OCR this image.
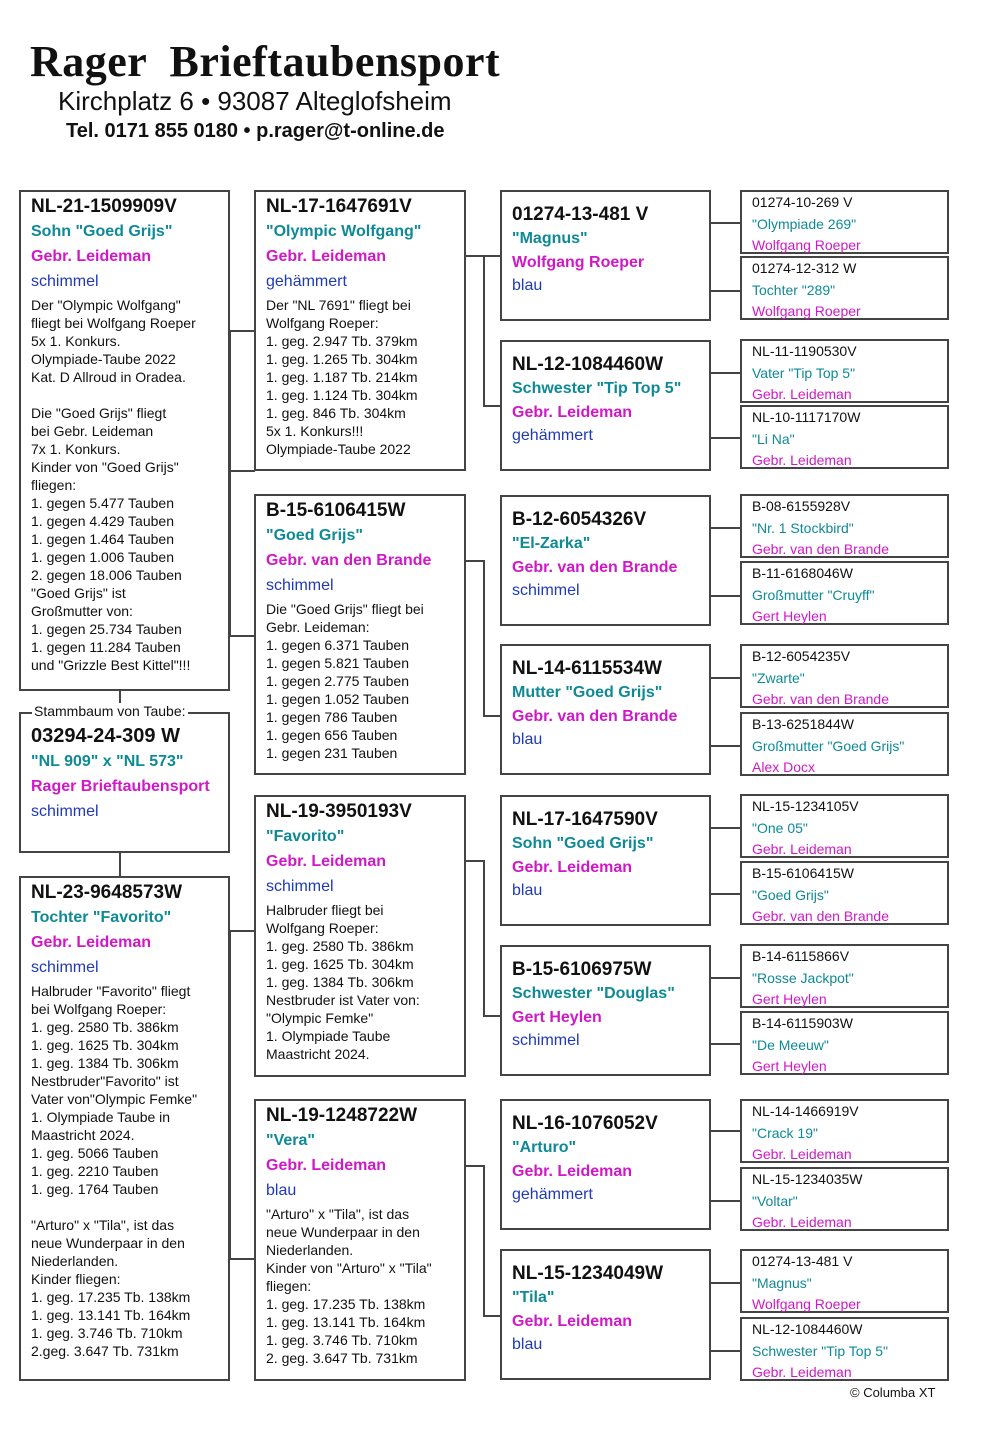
Rager  Brieftaubensport
Kirchplatz 6 • 93087 Alteglofsheim
Tel. 0171 855 0180 • p.rager@t-online.de
NL-21-1509909V
Sohn "Goed Grijs"
Gebr. Leideman
schimmel
Der "Olympic Wolfgang"
fliegt bei Wolfgang Roeper
5x 1. Konkurs.
Olympiade-Taube 2022
Kat. D Allroud in Oradea.

Die "Goed Grijs" fliegt
bei Gebr. Leideman
7x 1. Konkurs.
Kinder von "Goed Grijs"
fliegen:
1. gegen 5.477 Tauben
1. gegen 4.429 Tauben
1. gegen 1.464 Tauben
1. gegen 1.006 Tauben
2. gegen 18.006 Tauben
"Goed Grijs" ist
Großmutter von:
1. gegen 25.734 Tauben
1. gegen 11.284 Tauben
und "Grizzle Best Kittel"!!!
03294-24-309 W
"NL 909" x "NL 573"
Rager Brieftaubensport
schimmel
Stammbaum von Taube:
NL-23-9648573W
Tochter "Favorito"
Gebr. Leideman
schimmel
Halbruder "Favorito" fliegt
bei Wolfgang Roeper:
1. geg. 2580 Tb. 386km
1. geg. 1625 Tb. 304km
1. geg. 1384 Tb. 306km
Nestbruder"Favorito" ist
Vater von"Olympic Femke"
1. Olympiade Taube in
Maastricht 2024.
1. geg. 5066 Tauben
1. geg. 2210 Tauben
1. geg. 1764 Tauben

"Arturo" x "Tila", ist das
neue Wunderpaar in den
Niederlanden.
Kinder fliegen:
1. geg. 17.235 Tb. 138km
1. geg. 13.141 Tb. 164km
1. geg. 3.746 Tb. 710km
2.geg. 3.647 Tb. 731km
NL-17-1647691V
"Olympic Wolfgang"
Gebr. Leideman
gehämmert
Der "NL 7691" fliegt bei
Wolfgang Roeper:
1. geg. 2.947 Tb. 379km
1. geg. 1.265 Tb. 304km
1. geg. 1.187 Tb. 214km
1. geg. 1.124 Tb. 304km
1. geg. 846 Tb. 304km
5x 1. Konkurs!!!
Olympiade-Taube 2022
B-15-6106415W
"Goed Grijs"
Gebr. van den Brande
schimmel
Die "Goed Grijs" fliegt bei
Gebr. Leideman:
1. gegen 6.371 Tauben
1. gegen 5.821 Tauben
1. gegen 2.775 Tauben
1. gegen 1.052 Tauben
1. gegen 786 Tauben
1. gegen 656 Tauben
1. gegen 231 Tauben
NL-19-3950193V
"Favorito"
Gebr. Leideman
schimmel
Halbruder fliegt bei
Wolfgang Roeper:
1. geg. 2580 Tb. 386km
1. geg. 1625 Tb. 304km
1. geg. 1384 Tb. 306km
Nestbruder ist Vater von:
"Olympic Femke"
1. Olympiade Taube
Maastricht 2024.
NL-19-1248722W
"Vera"
Gebr. Leideman
blau
"Arturo" x "Tila", ist das
neue Wunderpaar in den
Niederlanden.
Kinder von "Arturo" x "Tila"
fliegen:
1. geg. 17.235 Tb. 138km
1. geg. 13.141 Tb. 164km
1. geg. 3.746 Tb. 710km
2. geg. 3.647 Tb. 731km
01274-13-481 V
"Magnus"
Wolfgang Roeper
blau
NL-12-1084460W
Schwester "Tip Top 5"
Gebr. Leideman
gehämmert
B-12-6054326V
"El-Zarka"
Gebr. van den Brande
schimmel
NL-14-6115534W
Mutter "Goed Grijs"
Gebr. van den Brande
blau
NL-17-1647590V
Sohn "Goed Grijs"
Gebr. Leideman
blau
B-15-6106975W
Schwester "Douglas"
Gert Heylen
schimmel
NL-16-1076052V
"Arturo"
Gebr. Leideman
gehämmert
NL-15-1234049W
"Tila"
Gebr. Leideman
blau
01274-10-269 V
"Olympiade 269"
Wolfgang Roeper
01274-12-312 W
Tochter "289"
Wolfgang Roeper
NL-11-1190530V
Vater "Tip Top 5"
Gebr. Leideman
NL-10-1117170W
"Li Na"
Gebr. Leideman
B-08-6155928V
"Nr. 1 Stockbird"
Gebr. van den Brande
B-11-6168046W
Großmutter "Cruyff"
Gert Heylen
B-12-6054235V
"Zwarte"
Gebr. van den Brande
B-13-6251844W
Großmutter "Goed Grijs"
Alex Docx
NL-15-1234105V
"One 05"
Gebr. Leideman
B-15-6106415W
"Goed Grijs"
Gebr. van den Brande
B-14-6115866V
"Rosse Jackpot"
Gert Heylen
B-14-6115903W
"De Meeuw"
Gert Heylen
NL-14-1466919V
"Crack 19"
Gebr. Leideman
NL-15-1234035W
"Voltar"
Gebr. Leideman
01274-13-481 V
"Magnus"
Wolfgang Roeper
NL-12-1084460W
Schwester "Tip Top 5"
Gebr. Leideman
© Columba XT
